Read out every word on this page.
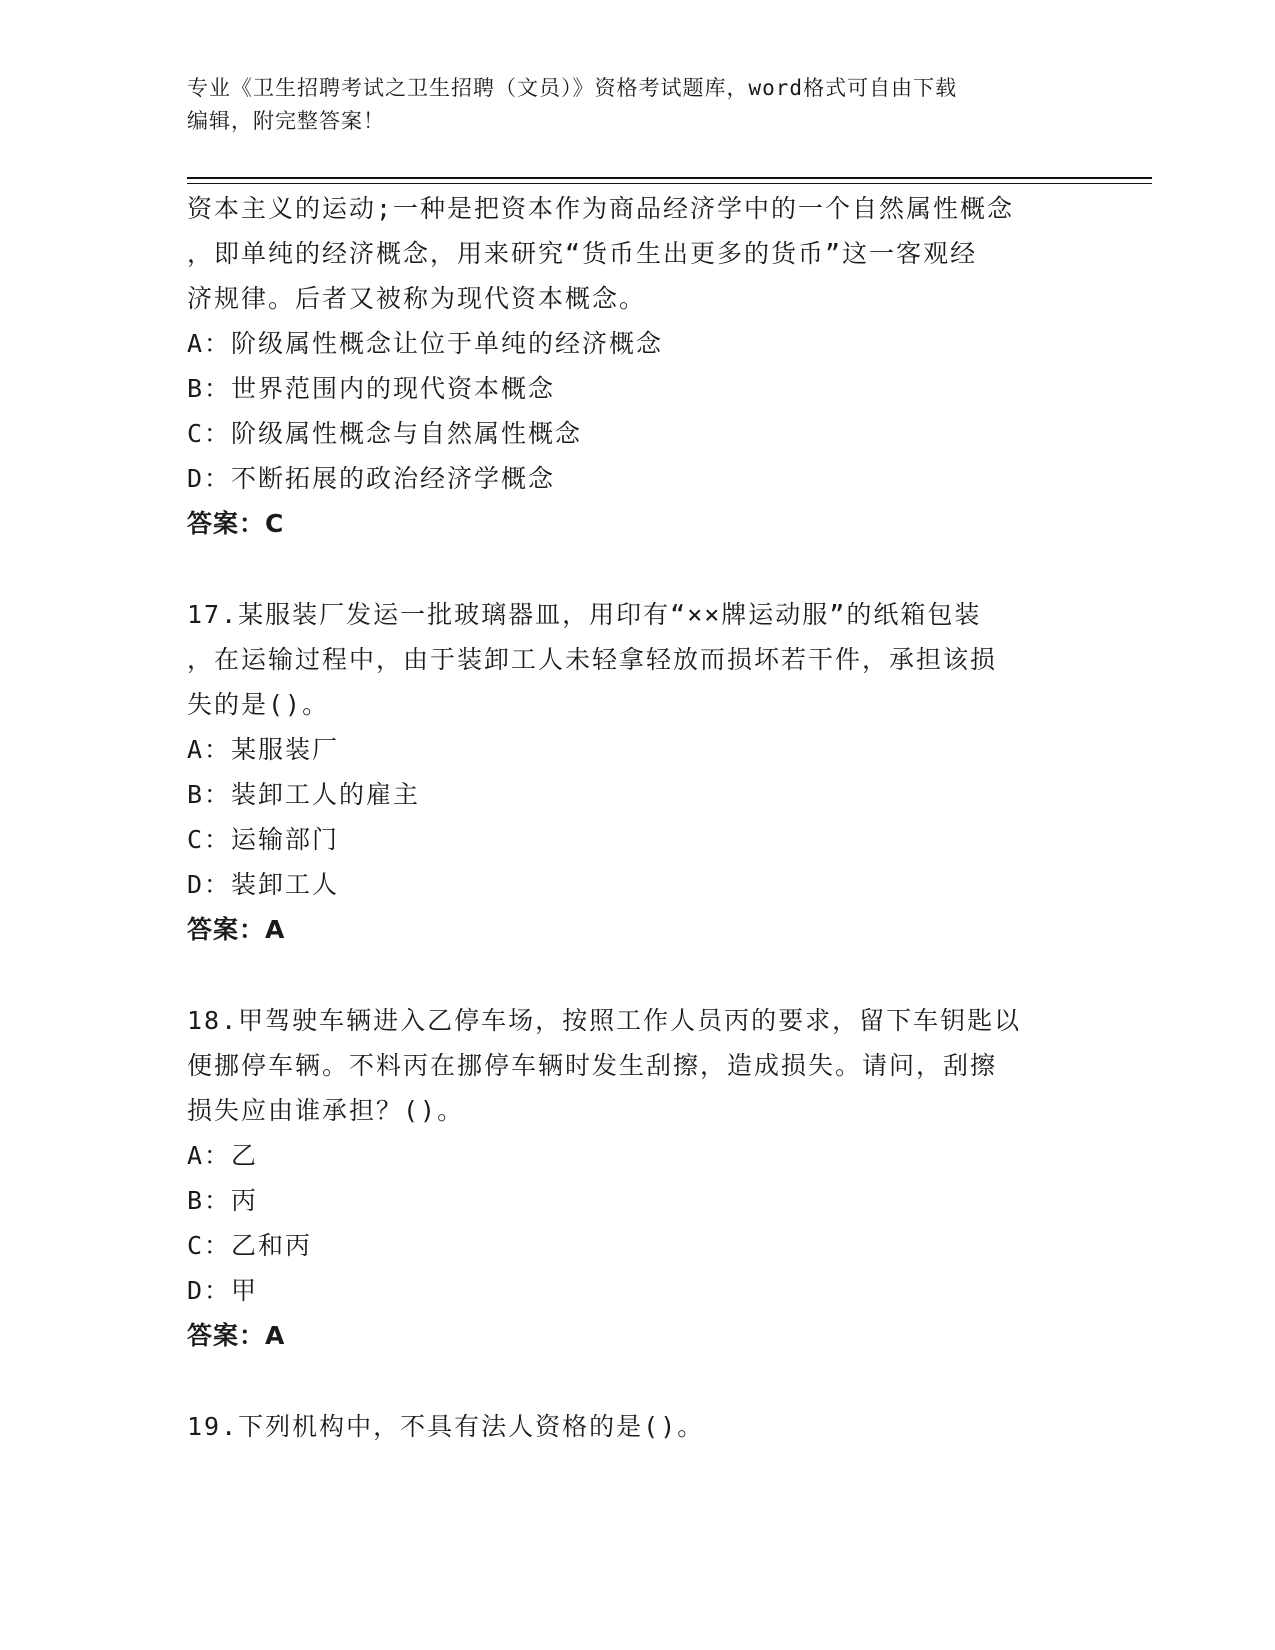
专业《卫生招聘考试之卫生招聘（文员）》资格考试题库，word格式可自由下载
编辑，附完整答案！
资本主义的运动;一种是把资本作为商品经济学中的一个自然属性概念
，即单纯的经济概念，用来研究“货币生出更多的货币”这一客观经
济规律。后者又被称为现代资本概念。
A：阶级属性概念让位于单纯的经济概念
B：世界范围内的现代资本概念
C：阶级属性概念与自然属性概念
D：不断拓展的政治经济学概念
答案：C
17.某服装厂发运一批玻璃器皿，用印有“××牌运动服”的纸箱包装
，在运输过程中，由于装卸工人未轻拿轻放而损坏若干件，承担该损
失的是()。
A：某服装厂
B：装卸工人的雇主
C：运输部门
D：装卸工人
答案：A
18.甲驾驶车辆进入乙停车场，按照工作人员丙的要求，留下车钥匙以
便挪停车辆。不料丙在挪停车辆时发生刮擦，造成损失。请问，刮擦
损失应由谁承担？()。
A：乙
B：丙
C：乙和丙
D：甲
答案：A
19.下列机构中，不具有法人资格的是()。
